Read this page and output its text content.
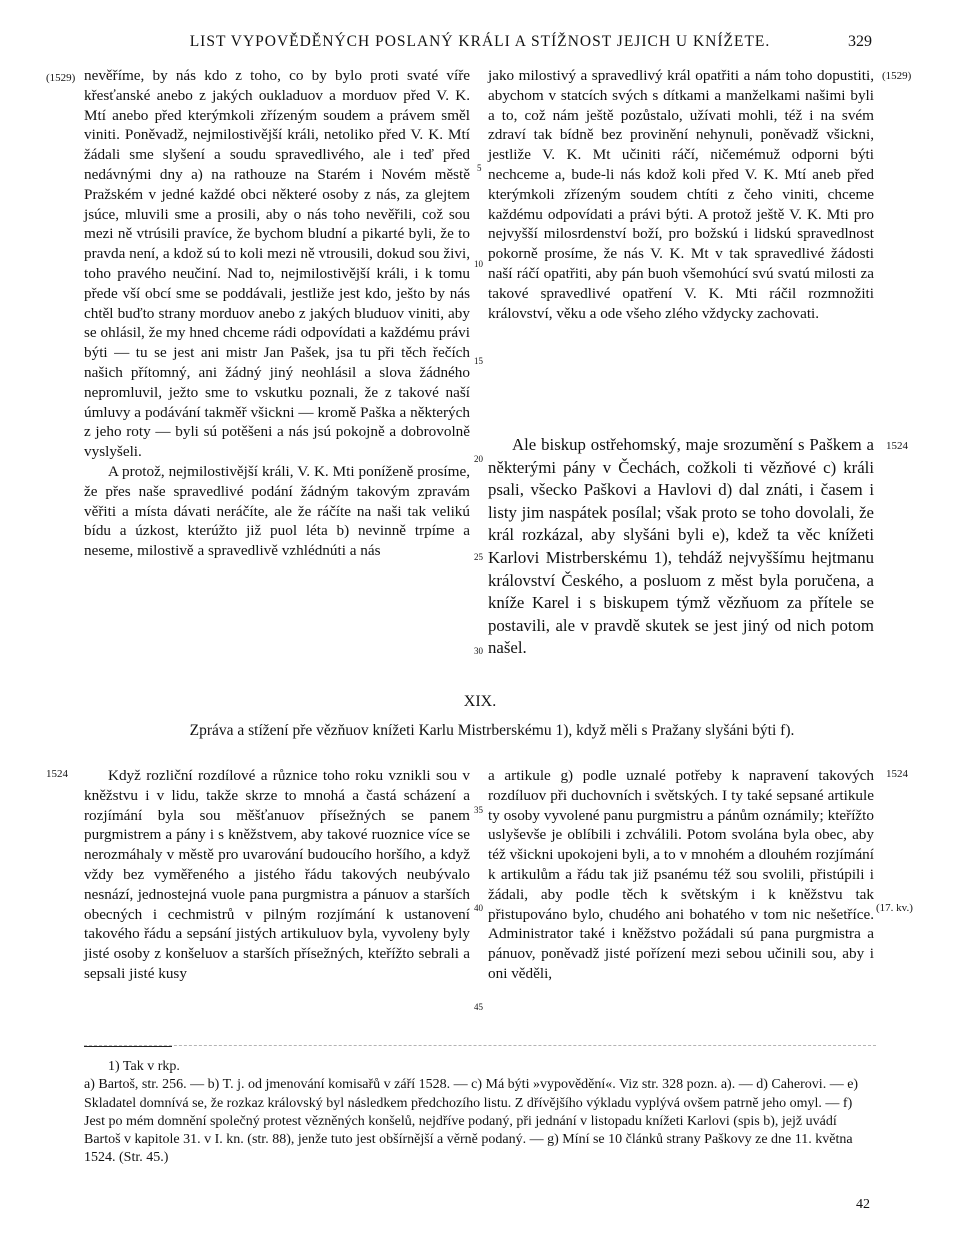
LIST VYPOVĚDĚNÝCH POSLANÝ KRÁLI A STÍŽNOST JEJICH U KNÍŽETE.	329
(1529)	(1529)
1524
1524	1524
(17. kv.)
5
10
15
20
25
30
35
40
45

nevěříme, by nás kdo z toho, co by bylo proti svaté víře křesťanské anebo z jakých oukladuov a morduov před V. K. Mtí anebo před kterýmkoli zřízeným soudem a právem směl viniti. Poněvadž, nejmilostivější králi, netoliko před V. K. Mtí žádali sme slyšení a soudu spravedlivého, ale i teď před nedávnými dny a) na rathouze na Starém i Novém městě Pražském v jedné každé obci některé osoby z nás, za glejtem jsúce, mluvili sme a prosili, aby o nás toho nevěřili, což sou mezi ně vtrúsili pravíce, že bychom bludní a pikarté byli, že to pravda není, a kdož sú to koli mezi ně vtrousili, dokud sou živi, toho pravého neučiní. Nad to, nejmilostivější králi, i k tomu přede vší obcí sme se poddávali, jestliže jest kdo, ješto by nás chtěl buďto strany morduov anebo z jakých bluduov viniti, aby se ohlásil, že my hned chceme rádi odpovídati a každému právi býti — tu se jest ani mistr Jan Pašek, jsa tu při těch řečích našich přítomný, ani žádný jiný neohlásil a slova žádného nepromluvil, ježto sme to vskutku poznali, že z takové naší úmluvy a podávání takměř všickni — kromě Paška a některých z jeho roty — byli sú potěšeni a nás jsú pokojně a dobrovolně vyslyšeli.

A protož, nejmilostivější králi, V. K. Mti poníženě prosíme, že přes naše spravedlivé podání žádným takovým zpravám věřiti a místa dávati neráčíte, ale že ráčíte na naši tak velikú bídu a úzkost, kterúžto již puol léta b) nevinně trpíme a neseme, milostivě a spravedlivě vzhlédnúti a nás

jako milostivý a spravedlivý král opatřiti a nám toho dopustiti, abychom v statcích svých s dítkami a manželkami našimi byli a to, což nám ještě pozůstalo, užívati mohli, též i na svém zdraví tak bídně bez provinění nehynuli, poněvadž všickni, jestliže V. K. Mt učiniti ráčí, ničemémuž odporni býti nechceme a, bude-li nás kdož koli před V. K. Mtí aneb před kterýmkoli zřízeným soudem chtíti z čeho viniti, chceme každému odpovídati a právi býti. A protož ještě V. K. Mti pro nejvyšší milosrdenství boží, pro božskú i lidskú spravedlnost pokorně prosíme, že nás V. K. Mt v tak spravedlivé žádosti naší ráčí opatřiti, aby pán buoh všemohúcí svú svatú milosti za takové spravedlivé opatření V. K. Mti ráčil rozmnožiti království, věku a ode všeho zlého vždycky zachovati.

Ale biskup ostřehomský, maje srozumění s Paškem a některými pány v Čechách, cožkoli ti vězňové c) králi psali, všecko Paškovi a Havlovi d) dal znáti, i časem i listy jim naspátek posílal; však proto se toho dovolali, že král rozkázal, aby slyšáni byli e), kdež ta věc knížeti Karlovi Mistrberskému 1), tehdáž nejvyššímu hejtmanu království Českého, a posluom z měst byla poručena, a kníže Karel i s biskupem týmž vězňuom za přítele se postavili, ale v pravdě skutek se jest jiný od nich potom našel.

XIX.
Zpráva a stížení pře vězňuov knížeti Karlu Mistrberskému 1), když měli s Pražany slyšáni býti f).

Když rozliční rozdílové a různice toho roku vznikli sou v kněžstvu i v lidu, takže skrze to mnohá a častá scházení a rozjímání byla sou měšťanuov přísežných se panem purgmistrem a pány i s kněžstvem, aby takové ruoznice více se nerozmáhaly v městě pro uvarování budoucího horšího, a když vždy bez vyměřeného a jistého řádu takových neubývalo nesnází, jednostejná vuole pana purgmistra a pánuov a starších obecných i cechmistrů v pilným rozjímání k ustanovení takového řádu a sepsání jistých artikuluov byla, vyvoleny byly jisté osoby z konšeluov a starších přísežných, kteřížto sebrali a sepsali jisté kusy

a artikule g) podle uznalé potřeby k napravení takových rozdíluov při duchovních i světských. I ty také sepsané artikule ty osoby vyvolené panu purgmistru a pánům oznámily; kteřížto uslyševše je oblíbili i zchválili. Potom svolána byla obec, aby též všickni upokojeni byli, a to v mnohém a dlouhém rozjímání k artikulům a řádu tak již psanému též sou svolili, přistúpili i žádali, aby podle těch k světským i k kněžstvu tak přistupováno bylo, chudého ani bohatého v tom nic nešetříce. Administrator také i kněžstvo požádali sú pana purgmistra a pánuov, poněvadž jisté pořízení mezi sebou učinili sou, aby i oni věděli,

1) Tak v rkp.

a) Bartoš, str. 256. — b) T. j. od jmenování komisařů v září 1528. — c) Má býti »vypovědění«. Viz str. 328 pozn. a). — d) Caherovi. — e) Skladatel domnívá se, že rozkaz královský byl následkem předchozího listu. Z dřívějšího výkladu vyplývá ovšem patrně jeho omyl. — f) Jest po mém domnění společný protest vězněných konšelů, nejdříve podaný, při jednání v listopadu knížeti Karlovi (spis b), jejž uvádí Bartoš v kapitole 31. v I. kn. (str. 88), jenže tuto jest obšírnější a věrně podaný. — g) Míní se 10 článků strany Paškovy ze dne 11. května 1524. (Str. 45.)

42
